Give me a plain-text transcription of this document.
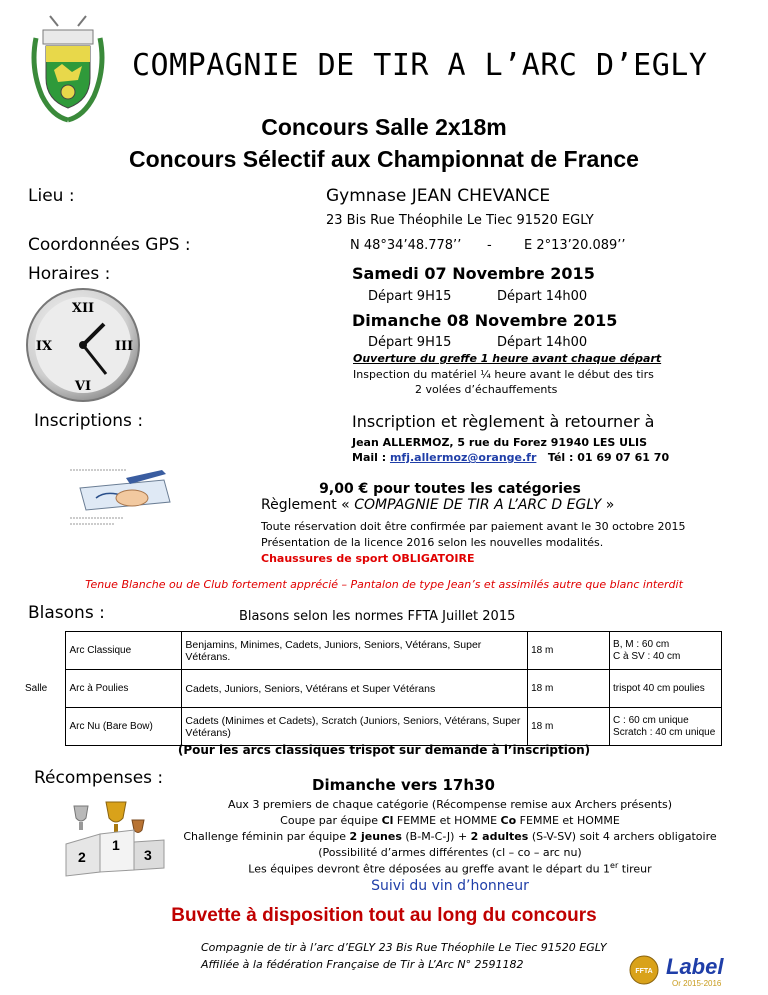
COMPAGNIE DE TIR A L’ARC D’EGLY
Concours Salle 2x18m
Concours Sélectif aux Championnat de France
Lieu :	Gymnase JEAN CHEVANCE
23 Bis Rue Théophile Le Tiec 91520 EGLY
Coordonnées GPS :	N 48°34’48.778’’ - E 2°13’20.089’’
Horaires :
XII
III
VI
IX
Samedi 07 Novembre 2015
Départ 9H15	Départ 14h00
Dimanche 08 Novembre 2015
Départ 9H15	Départ 14h00
Ouverture du greffe 1 heure avant chaque départ
Inspection du matériel ¼ heure avant le début des tirs
2 volées d’échauffements
Inscriptions :	Inscription et règlement à retourner à
Jean ALLERMOZ, 5 rue du Forez 91940 LES ULIS
Mail : mfj.allermoz@orange.fr Tél : 01 69 07 61 70
9,00 € pour toutes les catégories
Règlement « COMPAGNIE DE TIR A L’ARC D EGLY »
Toute réservation doit être confirmée par paiement avant le 30 octobre 2015
Présentation de la licence 2016 selon les nouvelles modalités.
Chaussures de sport OBLIGATOIRE
Tenue Blanche ou de Club fortement apprécié – Pantalon de type Jean’s et assimilés autre que blanc interdit
Blasons :	Blasons selon les normes FFTA Juillet 2015
Salle	Arc Classique	Benjamins, Minimes, Cadets, Juniors, Seniors, Vétérans, Super Vétérans.	18 m	B, M : 60 cm
C à SV : 40 cm

	Arc à Poulies	Cadets, Juniors, Seniors, Vétérans et Super Vétérans	18 m	trispot 40 cm poulies

	Arc Nu (Bare Bow)	Cadets (Minimes et Cadets), Scratch (Juniors, Seniors, Vétérans, Super Vétérans)	18 m	C : 60 cm unique
Scratch : 40 cm unique
(Pour les arcs classiques trispot sur demande à l’inscription)
Récompenses :	Dimanche vers 17h30
2
1
3
Aux 3 premiers de chaque catégorie (Récompense remise aux Archers présents)
Coupe par équipe Cl FEMME et HOMME Co FEMME et HOMME
Challenge féminin par équipe 2 jeunes (B-M-C-J) + 2 adultes (S-V-SV) soit 4 archers obligatoire
(Possibilité d’armes différentes (cl – co – arc nu)
Les équipes devront être déposées au greffe avant le départ du 1er tireur
Suivi du vin d’honneur
Buvette à disposition tout au long du concours
Compagnie de tir à l’arc d’EGLY 23 Bis Rue Théophile Le Tiec 91520 EGLY
Affiliée à la fédération Française de Tir à L’Arc N° 2591182
FFTA Label
Or 2015-2016
